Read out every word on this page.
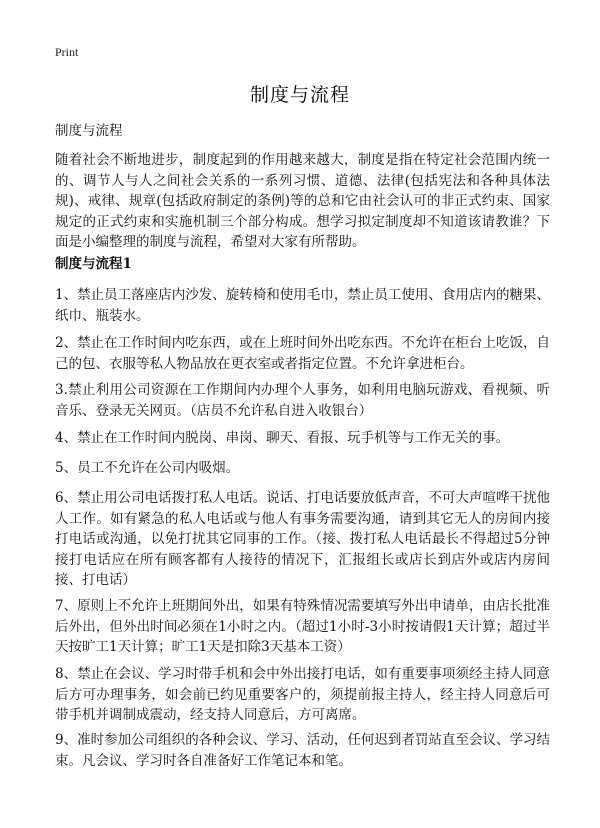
Print
制度与流程
制度与流程
随着社会不断地进步，制度起到的作用越来越大，制度是指在特定社会范围内统一的、调节人与人之间社会关系的一系列习惯、道德、法律(包括宪法和各种具体法规)、戒律、规章(包括政府制定的条例)等的总和它由社会认可的非正式约束、国家规定的正式约束和实施机制三个部分构成。想学习拟定制度却不知道该请教谁？下面是小编整理的制度与流程，希望对大家有所帮助。
制度与流程1
1、禁止员工落座店内沙发、旋转椅和使用毛巾，禁止员工使用、食用店内的糖果、纸巾、瓶装水。
2、禁止在工作时间内吃东西，或在上班时间外出吃东西。不允许在柜台上吃饭，自己的包、衣服等私人物品放在更衣室或者指定位置。不允许拿进柜台。
3.禁止利用公司资源在工作期间内办理个人事务，如利用电脑玩游戏、看视频、听音乐、登录无关网页。（店员不允许私自进入收银台）
4、禁止在工作时间内脱岗、串岗、聊天、看报、玩手机等与工作无关的事。
5、员工不允许在公司内吸烟。
6、禁止用公司电话拨打私人电话。说话、打电话要放低声音，不可大声喧哗干扰他人工作。如有紧急的私人电话或与他人有事务需要沟通，请到其它无人的房间内接打电话或沟通，以免打扰其它同事的工作。（接、拨打私人电话最长不得超过5分钟接打电话应在所有顾客都有人接待的情况下，汇报组长或店长到店外或店内房间接、打电话）
7、原则上不允许上班期间外出，如果有特殊情况需要填写外出申请单，由店长批准后外出，但外出时间必须在1小时之内。（超过1小时-3小时按请假1天计算；超过半天按旷工1天计算；旷工1天是扣除3天基本工资）
8、禁止在会议、学习时带手机和会中外出接打电话，如有重要事项须经主持人同意后方可办理事务，如会前已约见重要客户的，须提前报主持人，经主持人同意后可带手机并调制成震动，经支持人同意后，方可离席。
9、准时参加公司组织的各种会议、学习、活动，任何迟到者罚站直至会议、学习结束。凡会议、学习时各自准备好工作笔记本和笔。
